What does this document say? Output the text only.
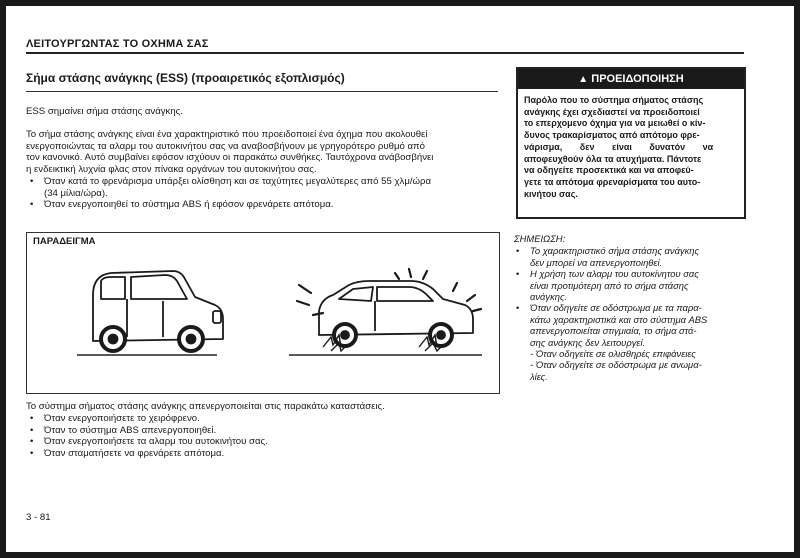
ΛΕΙΤΟΥΡΓΩΝΤΑΣ ΤΟ ΟΧΗΜΑ ΣΑΣ
Σήμα στάσης ανάγκης (ESS) (προαιρετικός εξοπλισμός)
ESS σημαίνει σήμα στάσης ανάγκης.
Το σήμα στάσης ανάγκης είναι ένα χαρακτηριστικό που προειδοποιεί ένα όχημα που ακολουθεί
ενεργοποιώντας τα αλαρμ του αυτοκινήτου σας να αναβοσβήνουν με γρηγορότερο ρυθμό από
τον κανονικό. Αυτό συμβαίνει εφόσον ισχύουν οι παρακάτω συνθήκες. Ταυτόχρονα ανάβοσβήνει
η ενδεικτική λυχνία φλας στον πίνακα οργάνων του αυτοκινήτου σας.
• Όταν κατά το φρενάρισμα υπάρξει ολίσθηση και σε ταχύτητες μεγαλύτερες από 55 χλμ/ώρα
(34 μίλια/ώρα).
• Όταν ενεργοποιηθεί το σύστημα ABS ή εφόσον φρενάρετε απότομα.
ΠΑΡΑΔΕΙΓΜΑ
Το σύστημα σήματος στάσης ανάγκης απενεργοποιείται στις παρακάτω καταστάσεις.
• Όταν ενεργοποιήσετε το χειρόφρενο.
• Όταν το σύστημα ABS απενεργοποιηθεί.
• Όταν ενεργοποιήσετε τα αλαρμ του αυτοκινήτου σας.
• Όταν σταματήσετε να φρενάρετε απότομα.
▲ ΠΡΟΕΙΔΟΠΟΙΗΣΗ
Παρόλο που το σύστημα σήματος στάσης
ανάγκης έχει σχεδιαστεί να προειδοποιεί
το επερχομενο όχημα για να μειωθεί ο κίν-
δυνος τρακαρίσματος από απότομο φρε-
νάρισμα,       δεν       είναι       δυνατόν       να
αποφευχθούν όλα τα ατυχήματα. Πάντοτε
να οδηγείτε προσεκτικά και να αποφεύ-
γετε τα απότομα φρεναρίσματα του αυτο-
κινήτου σας.
ΣΗΜΕΙΩΣΗ:
• Το χαρακτηριστικό σήμα στάσης ανάγκης
δεν μπορεί να απενεργοποιηθεί.
• Η χρήση των αλαρμ του αυτοκίνητου σας
είναι προτιμότερη από το σήμα στάσης
ανάγκης.
• Όταν οδηγείτε σε οδόστρωμα με τα παρα-
κάτω χαρακτηριστικά και στο σύστημα ABS
απενεργοποιείται στιγμιαία, το σήμα στά-
σης ανάγκης δεν λειτουργεί.
- Όταν οδηγείτε σε ολισθηρές επιφάνειες
- Όταν οδηγείτε σε οδόστρωμα με ανωμα-
λίες.
3 - 81
